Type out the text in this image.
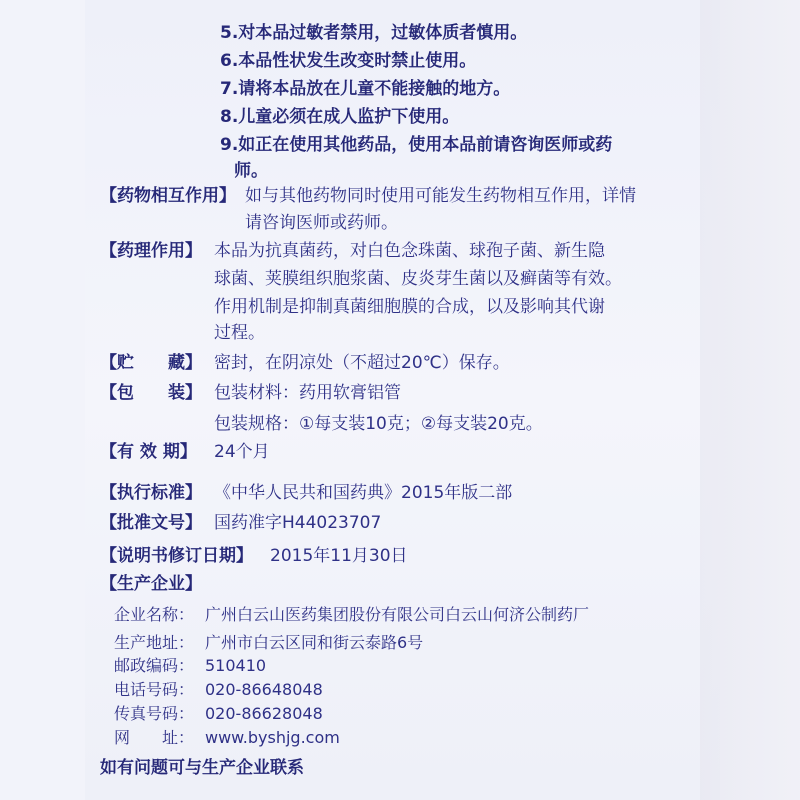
5.对本品过敏者禁用，过敏体质者慎用。
6.本品性状发生改变时禁止使用。
7.请将本品放在儿童不能接触的地方。
8.儿童必须在成人监护下使用。
9.如正在使用其他药品，使用本品前请咨询医师或药
师。
【药物相互作用】 如与其他药物同时使用可能发生药物相互作用，详情
请咨询医师或药师。
【药理作用】 本品为抗真菌药，对白色念珠菌、球孢子菌、新生隐
球菌、荚膜组织胞浆菌、皮炎芽生菌以及癣菌等有效。
作用机制是抑制真菌细胞膜的合成，以及影响其代谢
过程。
【贮　　藏】 密封，在阴凉处（不超过20℃）保存。
【包　　装】 包装材料：药用软膏铝管
包装规格：①每支装10克；②每支装20克。
【有 效 期】 24个月
【执行标准】 《中华人民共和国药典》2015年版二部
【批准文号】 国药准字H44023707
【说明书修订日期】 2015年11月30日
【生产企业】
企业名称： 广州白云山医药集团股份有限公司白云山何济公制药厂
生产地址： 广州市白云区同和街云泰路6号
邮政编码： 510410
电话号码： 020-86648048
传真号码： 020-86628048
网　　址： www.byshjg.com
如有问题可与生产企业联系
